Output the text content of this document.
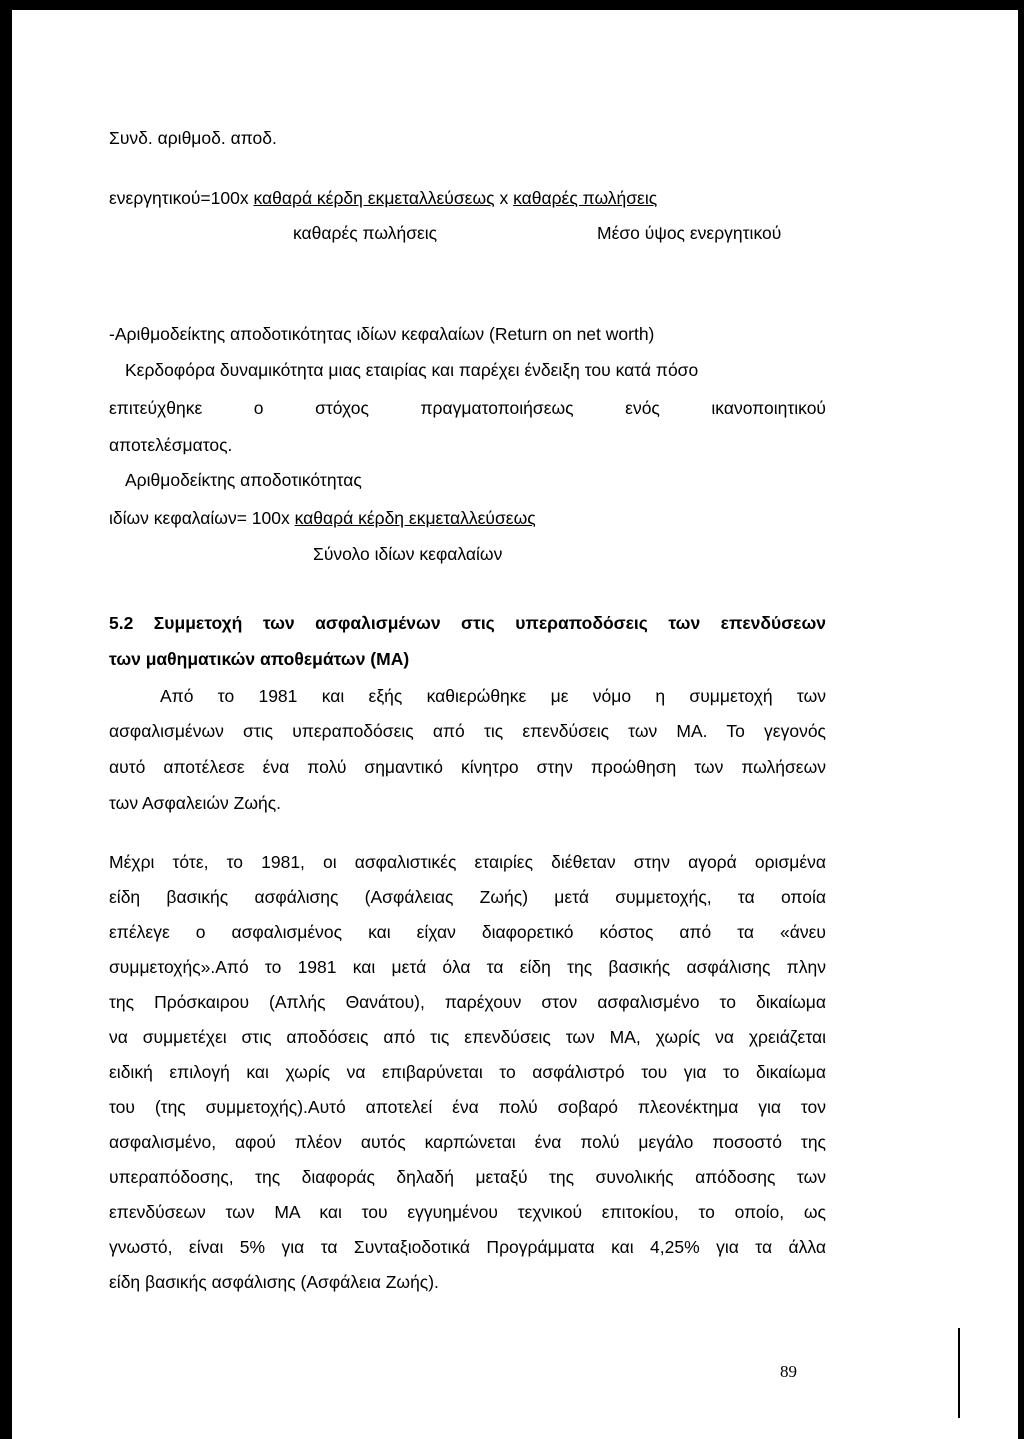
Συνδ. αριθμοδ. αποδ.
ενεργητικού=100x καθαρά κέρδη εκμεταλλεύσεως x καθαρές πωλήσεις
καθαρές πωλήσεις	Μέσο ύψος ενεργητικού
-Αριθμοδείκτης αποδοτικότητας ιδίων κεφαλαίων (Return on net worth)
Κερδοφόρα δυναμικότητα μιας εταιρίας και παρέχει ένδειξη του κατά πόσο
επιτεύχθηκε ο στόχος πραγματοποιήσεως ενός ικανοποιητικού
αποτελέσματος.
Αριθμοδείκτης αποδοτικότητας
ιδίων κεφαλαίων= 100x καθαρά κέρδη εκμεταλλεύσεως
Σύνολο ιδίων κεφαλαίων
5.2 Συμμετοχή των ασφαλισμένων στις υπεραποδόσεις των επενδύσεων
των μαθηματικών αποθεμάτων (ΜΑ)
Από το 1981 και εξής καθιερώθηκε με νόμο η συμμετοχή των
ασφαλισμένων στις υπεραποδόσεις από τις επενδύσεις των ΜΑ. Το γεγονός
αυτό αποτέλεσε ένα πολύ σημαντικό κίνητρο στην προώθηση των πωλήσεων
των Ασφαλειών Ζωής.
Μέχρι τότε, το 1981, οι ασφαλιστικές εταιρίες διέθεταν στην αγορά ορισμένα
είδη βασικής ασφάλισης (Ασφάλειας Ζωής) μετά συμμετοχής, τα οποία
επέλεγε ο ασφαλισμένος και είχαν διαφορετικό κόστος από τα «άνευ
συμμετοχής».Από το 1981 και μετά όλα τα είδη της βασικής ασφάλισης πλην
της Πρόσκαιρου (Απλής Θανάτου), παρέχουν στον ασφαλισμένο το δικαίωμα
να συμμετέχει στις αποδόσεις από τις επενδύσεις των ΜΑ, χωρίς να χρειάζεται
ειδική επιλογή και χωρίς να επιβαρύνεται το ασφάλιστρό του για το δικαίωμα
του (της συμμετοχής).Αυτό αποτελεί ένα πολύ σοβαρό πλεονέκτημα για τον
ασφαλισμένο, αφού πλέον αυτός καρπώνεται ένα πολύ μεγάλο ποσοστό της
υπεραπόδοσης, της διαφοράς δηλαδή μεταξύ της συνολικής απόδοσης των
επενδύσεων των ΜΑ και του εγγυημένου τεχνικού επιτοκίου, το οποίο, ως
γνωστό, είναι 5% για τα Συνταξιοδοτικά Προγράμματα και 4,25% για τα άλλα
είδη βασικής ασφάλισης (Ασφάλεια Ζωής).
89
